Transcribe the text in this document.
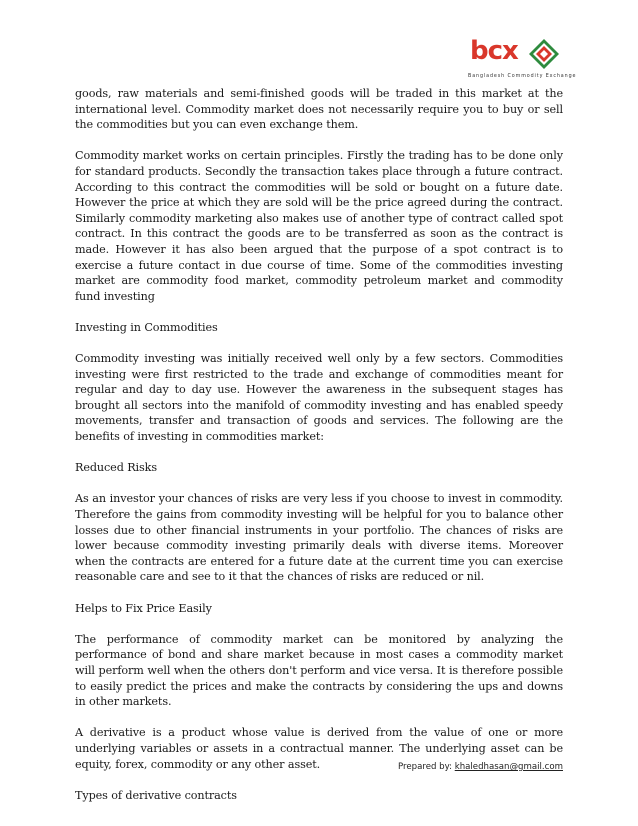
bcx
Bangladesh Commodity Exchange

goods, raw materials and semi-finished goods will be traded in this market at the international level. Commodity market does not necessarily require you to buy or sell the commodities but you can even exchange them.

Commodity market works on certain principles. Firstly the trading has to be done only for standard products. Secondly the transaction takes place through a future contract. According to this contract the commodities will be sold or bought on a future date. However the price at which they are sold will be the price agreed during the contract. Similarly commodity marketing also makes use of another type of contract called spot contract. In this contract the goods are to be transferred as soon as the contract is made. However it has also been argued that the purpose of a spot contract is to exercise a future contact in due course of time. Some of the commodities investing market are commodity food market, commodity petroleum market and commodity fund investing

Investing in Commodities

Commodity investing was initially received well only by a few sectors. Commodities investing were first restricted to the trade and exchange of commodities meant for regular and day to day use. However the awareness in the subsequent stages has brought all sectors into the manifold of commodity investing and has enabled speedy movements, transfer and transaction of goods and services. The following are the benefits of investing in commodities market:

Reduced Risks

As an investor your chances of risks are very less if you choose to invest in commodity. Therefore the gains from commodity investing will be helpful for you to balance other losses due to other financial instruments in your portfolio. The chances of risks are lower because commodity investing primarily deals with diverse items. Moreover when the contracts are entered for a future date at the current time you can exercise reasonable care and see to it that the chances of risks are reduced or nil.

Helps to Fix Price Easily

The performance of commodity market can be monitored by analyzing the performance of bond and share market because in most cases a commodity market will perform well when the others don't perform and vice versa. It is therefore possible to easily predict the prices and make the contracts by considering the ups and downs in other markets.

A derivative is a product whose value is derived from the value of one or more underlying variables or assets in a contractual manner. The underlying asset can be equity, forex, commodity or any other asset.

Types of derivative contracts

Prepared by: khaledhasan@gmail.com
